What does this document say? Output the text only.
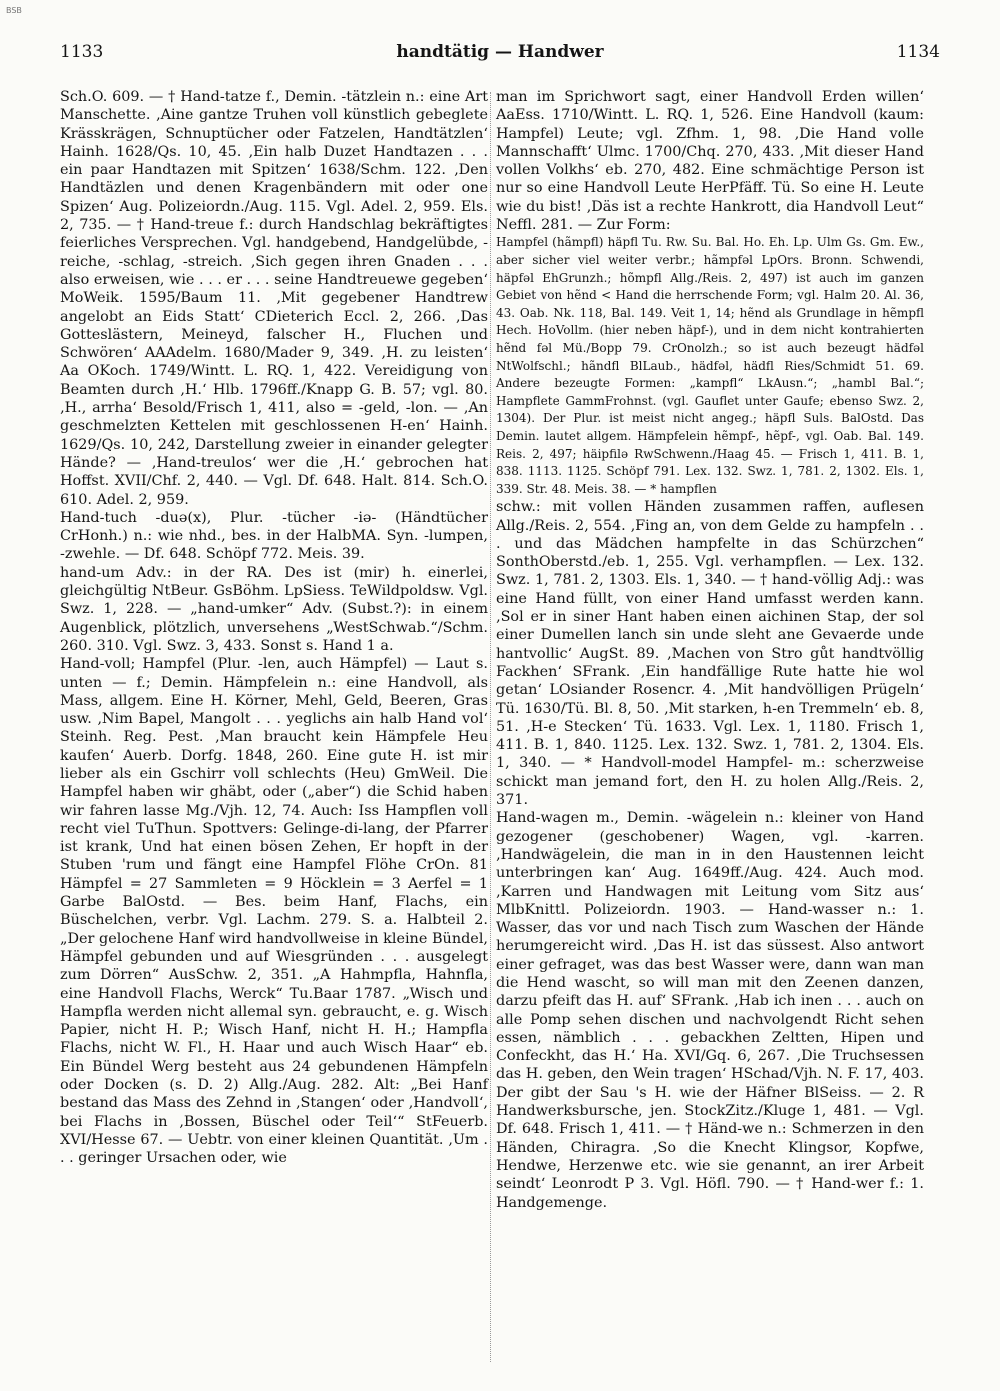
BSB
1133	handtätig — Handwer	1134

Sch.O. 609. — † Hand-tatze f., Demin. -tätzlein n.: eine Art Manschette. ‚Aine gantze Truhen voll künstlich gebeglete Krässkrägen, Schnuptücher oder Fatzelen, Handtätzlen‘ Hainh. 1628/Qs. 10, 45. ‚Ein halb Duzet Handtazen . . . ein paar Handtazen mit Spitzen‘ 1638/Schm. 122. ‚Den Handtäzlen und denen Kragenbändern mit oder one Spizen‘ Aug. Polizeiordn./Aug. 115. Vgl. Adel. 2, 959. Els. 2, 735. — † Hand-treue f.: durch Handschlag bekräftigtes feierliches Versprechen. Vgl. handgebend, Handgelübde, -reiche, -schlag, -streich. ‚Sich gegen ihren Gnaden . . . also erweisen, wie . . . er . . . seine Handtreuewe gegeben‘ MoWeik. 1595/Baum 11. ‚Mit gegebener Handtrew angelobt an Eids Statt‘ CDieterich Eccl. 2, 266. ‚Das Gotteslästern, Meineyd, falscher H., Fluchen und Schwören‘ AAAdelm. 1680/Mader 9, 349. ‚H. zu leisten‘ Aa OKoch. 1749/Wintt. L. RQ. 1, 422. Vereidigung von Beamten durch ‚H.‘ Hlb. 1796ff./Knapp G. B. 57; vgl. 80. ‚H., arrha‘ Besold/Frisch 1, 411, also = -geld, -lon. — ‚An geschmelzten Kettelen mit geschlossenen H-en‘ Hainh. 1629/Qs. 10, 242, Darstellung zweier in einander gelegter Hände? — ‚Hand-treulos‘ wer die ‚H.‘ gebrochen hat Hoffst. XVII/Chf. 2, 440. — Vgl. Df. 648. Halt. 814. Sch.O. 610. Adel. 2, 959.

Hand-tuch -duə(x), Plur. -tücher -iə- (Händtücher CrHonh.) n.: wie nhd., bes. in der HalbMA. Syn. -lumpen, -zwehle. — Df. 648. Schöpf 772. Meis. 39.

hand-um Adv.: in der RA. Des ist (mir) h. einerlei, gleichgültig NtBeur. GsBöhm. LpSiess. TeWildpoldsw. Vgl. Swz. 1, 228. — „hand-umker“ Adv. (Subst.?): in einem Augenblick, plötzlich, unversehens „WestSchwab.“/Schm. 260. 310. Vgl. Swz. 3, 433. Sonst s. Hand 1 a.

Hand-voll; Hampfel (Plur. -len, auch Hämpfel) — Laut s. unten — f.; Demin. Hämpfelein n.: eine Handvoll, als Mass, allgem. Eine H. Körner, Mehl, Geld, Beeren, Gras usw. ‚Nim Bapel, Mangolt . . . yeglichs ain halb Hand vol‘ Steinh. Reg. Pest. ‚Man braucht kein Hämpfele Heu kaufen‘ Auerb. Dorfg. 1848, 260. Eine gute H. ist mir lieber als ein Gschirr voll schlechts (Heu) GmWeil. Die Hampfel haben wir ghäbt, oder („aber“) die Schid haben wir fahren lasse Mg./Vjh. 12, 74. Auch: Iss Hampflen voll recht viel TuThun. Spottvers: Gelinge-di-lang, der Pfarrer ist krank, Und hat einen bösen Zehen, Er hopft in der Stuben 'rum und fängt eine Hampfel Flöhe CrOn. 81 Hämpfel = 27 Sammleten = 9 Höcklein = 3 Aerfel = 1 Garbe BalOstd. — Bes. beim Hanf, Flachs, ein Büschelchen, verbr. Vgl. Lachm. 279. S. a. Halbteil 2. „Der gelochene Hanf wird handvollweise in kleine Bündel, Hämpfel gebunden und auf Wiesgründen . . . ausgelegt zum Dörren“ AusSchw. 2, 351. „A Hahmpfla, Hahnfla, eine Handvoll Flachs, Werck“ Tu.Baar 1787. „Wisch und Hampfla werden nicht allemal syn. gebraucht, e. g. Wisch Papier, nicht H. P.; Wisch Hanf, nicht H. H.; Hampfla Flachs, nicht W. Fl., H. Haar und auch Wisch Haar“ eb. Ein Bündel Werg besteht aus 24 gebundenen Hämpfeln oder Docken (s. D. 2) Allg./Aug. 282. Alt: „Bei Hanf bestand das Mass des Zehnd in ‚Stangen‘ oder ‚Handvoll‘, bei Flachs in ‚Bossen, Büschel oder Teil‘“ StFeuerb. XVI/Hesse 67. — Uebtr. von einer kleinen Quantität. ‚Um . . . geringer Ursachen oder, wie

man im Sprichwort sagt, einer Handvoll Erden willen‘ AaEss. 1710/Wintt. L. RQ. 1, 526. Eine Handvoll (kaum: Hampfel) Leute; vgl. Zfhm. 1, 98. ‚Die Hand volle Mannschafft‘ Ulmc. 1700/Chq. 270, 433. ‚Mit dieser Hand vollen Volkhs‘ eb. 270, 482. Eine schmächtige Person ist nur so eine Handvoll Leute HerPfäff. Tü. So eine H. Leute wie du bist! ‚Däs ist a rechte Hankrott, dia Handvoll Leut“ Neffl. 281. — Zur Form:

Hampfel (hãmpfl) häpfl Tu. Rw. Su. Bal. Ho. Eh. Lp. Ulm Gs. Gm. Ew., aber sicher viel weiter verbr.; hãmpfəl LpOrs. Bronn. Schwendi, häpfəl EhGrunzh.; hõmpfl Allg./Reis. 2, 497) ist auch im ganzen Gebiet von hẽnd < Hand die herrschende Form; vgl. Halm 20. Al. 36, 43. Oab. Nk. 118, Bal. 149. Veit 1, 14; hẽnd als Grundlage in hẽmpfl Hech. HoVollm. (hier neben häpf-), und in dem nicht kontrahierten hẽnd fəl Mü./Bopp 79. CrOnolzh.; so ist auch bezeugt hädfəl NtWolfschl.; hãndfl BlLaub., hädfəl, hädfl Ries/Schmidt 51. 69. Andere bezeugte Formen: „kampfl“ LkAusn.“; „hambl Bal.“; Hampflete GammFrohnst. (vgl. Gauflet unter Gaufe; ebenso Swz. 2, 1304). Der Plur. ist meist nicht angeg.; häpfl Suls. BalOstd. Das Demin. lautet allgem. Hämpfelein hẽmpf-, hẽpf-, vgl. Oab. Bal. 149. Reis. 2, 497; häipfilə RwSchwenn./Haag 45. — Frisch 1, 411. B. 1, 838. 1113. 1125. Schöpf 791. Lex. 132. Swz. 1, 781. 2, 1302. Els. 1, 339. Str. 48. Meis. 38. — * hampflen

schw.: mit vollen Händen zusammen raffen, auflesen Allg./Reis. 2, 554. ‚Fing an, von dem Gelde zu hampfeln . . . und das Mädchen hampfelte in das Schürzchen“ SonthOberstd./eb. 1, 255. Vgl. verhampflen. — Lex. 132. Swz. 1, 781. 2, 1303. Els. 1, 340. — † hand-völlig Adj.: was eine Hand füllt, von einer Hand umfasst werden kann. ‚Sol er in siner Hant haben einen aichinen Stap, der sol einer Dumellen lanch sin unde sleht ane Gevaerde unde hantvollic‘ AugSt. 89. ‚Machen von Stro gůt handtvöllig Fackhen‘ SFrank. ‚Ein handfällige Rute hatte hie wol getan‘ LOsiander Rosencr. 4. ‚Mit handvölligen Prügeln‘ Tü. 1630/Tü. Bl. 8, 50. ‚Mit starken, h-en Tremmeln‘ eb. 8, 51. ‚H-e Stecken‘ Tü. 1633. Vgl. Lex. 1, 1180. Frisch 1, 411. B. 1, 840. 1125. Lex. 132. Swz. 1, 781. 2, 1304. Els. 1, 340. — * Handvoll-model Hampfel- m.: scherzweise schickt man jemand fort, den H. zu holen Allg./Reis. 2, 371.

Hand-wagen m., Demin. -wägelein n.: kleiner von Hand gezogener (geschobener) Wagen, vgl. -karren. ‚Handwägelein, die man in in den Haustennen leicht unterbringen kan‘ Aug. 1649ff./Aug. 424. Auch mod. ‚Karren und Handwagen mit Leitung vom Sitz aus‘ MlbKnittl. Polizeiordn. 1903. — Hand-wasser n.: 1. Wasser, das vor und nach Tisch zum Waschen der Hände herumgereicht wird. ‚Das H. ist das süssest. Also antwort einer gefraget, was das best Wasser were, dann wan man die Hend wascht, so will man mit den Zeenen danzen, darzu pfeift das H. auf‘ SFrank. ‚Hab ich inen . . . auch on alle Pomp sehen dischen und nachvolgendt Richt sehen essen, nämblich . . . gebackhen Zeltten, Hipen und Confeckht, das H.‘ Ha. XVI/Gq. 6, 267. ‚Die Truchsessen das H. geben, den Wein tragen‘ HSchad/Vjh. N. F. 17, 403. Der gibt der Sau 's H. wie der Häfner BlSeiss. — 2. R Handwerksbursche, jen. StockZitz./Kluge 1, 481. — Vgl. Df. 648. Frisch 1, 411. — † Händ-we n.: Schmerzen in den Händen, Chiragra. ‚So die Knecht Klingsor, Kopfwe, Hendwe, Herzenwe etc. wie sie genannt, an irer Arbeit seindt‘ Leonrodt P 3. Vgl. Höfl. 790. — † Hand-wer f.: 1. Handgemenge.
